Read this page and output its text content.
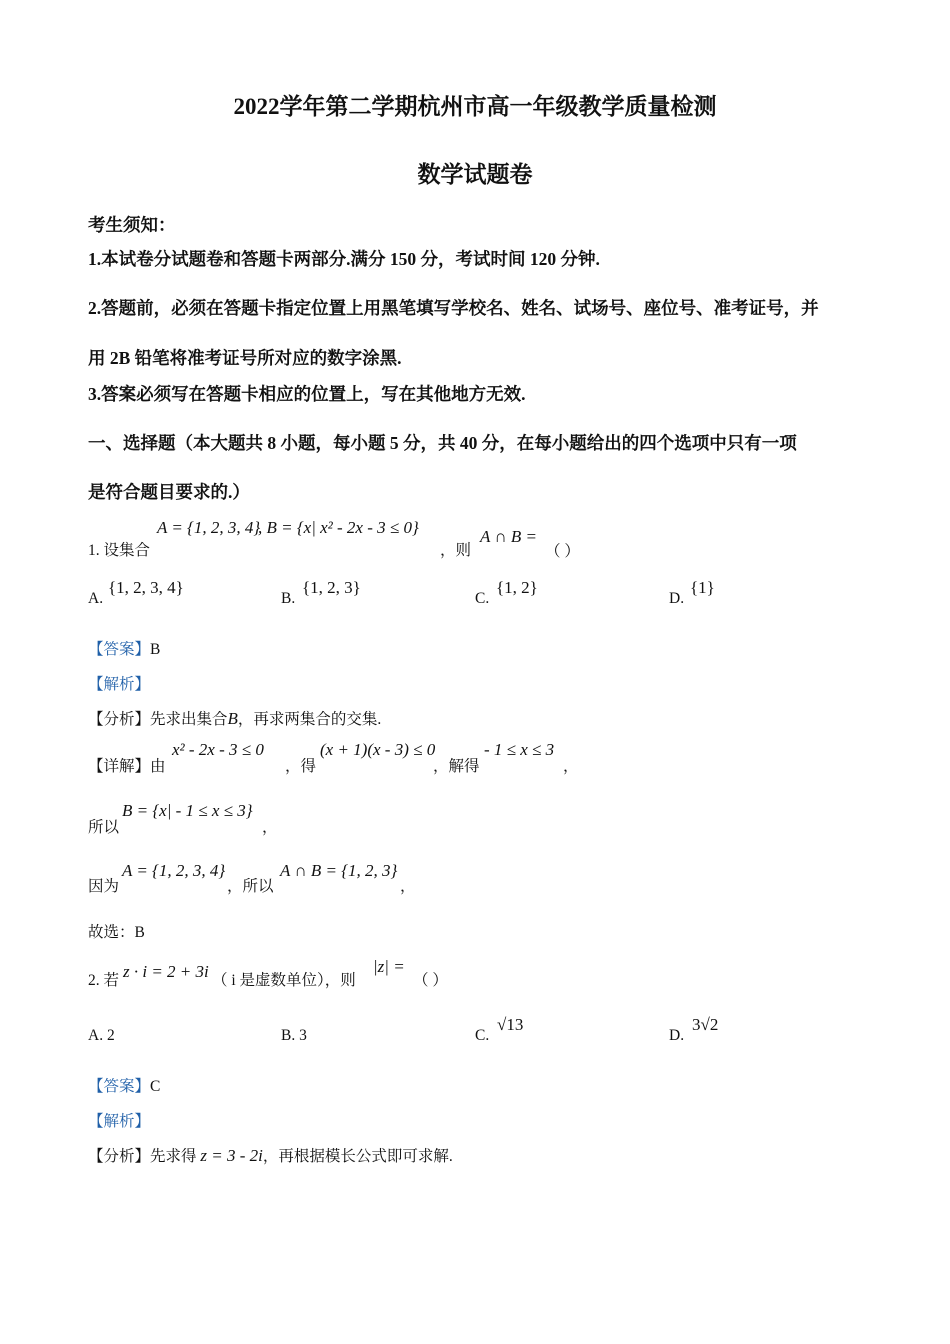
2022学年第二学期杭州市高一年级教学质量检测
数学试题卷
考生须知：
1.本试卷分试题卷和答题卡两部分.满分 150 分，考试时间 120 分钟.
2.答题前，必须在答题卡指定位置上用黑笔填写学校名、姓名、试场号、座位号、准考证号，并
用 2B 铅笔将准考证号所对应的数字涂黑.
3.答案必须写在答题卡相应的位置上，写在其他地方无效.
一、选择题（本大题共 8 小题，每小题 5 分，共 40 分，在每小题给出的四个选项中只有一项
是符合题目要求的.）
1. 设集合
A = {1, 2, 3, 4}
, B = {x| x² - 2x - 3 ≤ 0}
，则
A ∩ B =
（ ）
A.
{1, 2, 3, 4}
B.
{1, 2, 3}
C.
{1, 2}
D.
{1}
【答案】B
【解析】
【分析】先求出集合B，再求两集合的交集.
【详解】由
x² - 2x - 3 ≤ 0
，得
(x + 1)(x - 3) ≤ 0
，解得
- 1 ≤ x ≤ 3
，
所以
B = {x| - 1 ≤ x ≤ 3}
，
因为
A = {1, 2, 3, 4}
，所以
A ∩ B = {1, 2, 3}
，
故选：B
2. 若 z · i = 2 + 3i （ i 是虚数单位），则
|z| =
（ ）
A. 2	B. 3	C.
√13
D.
3√2
【答案】C
【解析】
【分析】先求得 z = 3 - 2i，再根据模长公式即可求解.
